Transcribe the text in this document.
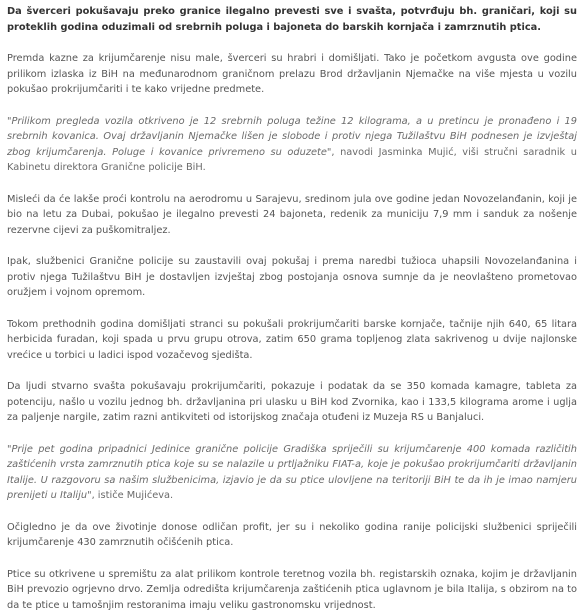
Da šverceri pokušavaju preko granice ilegalno prevesti sve i svašta, potvrđuju bh. graničari, koji su proteklih godina oduzimali od srebrnih poluga i bajoneta do barskih kornjača i zamrznutih ptica.

Premda kazne za krijumčarenje nisu male, šverceri su hrabri i domišljati. Tako je početkom avgusta ove godine prilikom izlaska iz BiH na međunarodnom graničnom prelazu Brod državljanin Njemačke na više mjesta u vozilu pokušao prokrijumčariti i te kako vrijedne predmete.

"Prilikom pregleda vozila otkriveno je 12 srebrnih poluga težine 12 kilograma, a u pretincu je pronađeno i 19 srebrnih kovanica. Ovaj državljanin Njemačke lišen je slobode i protiv njega Tužilaštvu BiH podnesen je izvještaj zbog krijumčarenja. Poluge i kovanice privremeno su oduzete", navodi Jasminka Mujić, viši stručni saradnik u Kabinetu direktora Granične policije BiH.

Misleći da će lakše proći kontrolu na aerodromu u Sarajevu, sredinom jula ove godine jedan Novozelanđanin, koji je bio na letu za Dubai, pokušao je ilegalno prevesti 24 bajoneta, redenik za municiju 7,9 mm i sanduk za nošenje rezervne cijevi za puškomitraljez.

Ipak, službenici Granične policije su zaustavili ovaj pokušaj i prema naredbi tužioca uhapsili Novozelanđanina i protiv njega Tužilaštvu BiH je dostavljen izvještaj zbog postojanja osnova sumnje da je neovlašteno prometovao oružjem i vojnom opremom.

Tokom prethodnih godina domišljati stranci su pokušali prokrijumčariti barske kornjače, tačnije njih 640, 65 litara herbicida furadan, koji spada u prvu grupu otrova, zatim 650 grama topljenog zlata sakrivenog u dvije najlonske vrećice u torbici u ladici ispod vozačevog sjedišta.

Da ljudi stvarno svašta pokušavaju prokrijumčariti, pokazuje i podatak da se 350 komada kamagre, tableta za potenciju, našlo u vozilu jednog bh. državljanina pri ulasku u BiH kod Zvornika, kao i 133,5 kilograma arome i uglja za paljenje nargile, zatim razni antikviteti od istorijskog značaja otuđeni iz Muzeja RS u Banjaluci.

"Prije pet godina pripadnici Jedinice granične policije Gradiška spriječili su krijumčarenje 400 komada različitih zaštićenih vrsta zamrznutih ptica koje su se nalazile u prtljažniku FIAT-a, koje je pokušao prokrijumčariti državljanin Italije. U razgovoru sa našim službenicima, izjavio je da su ptice ulovljene na teritoriji BiH te da ih je imao namjeru prenijeti u Italiju", ističe Mujićeva.

Očigledno je da ove životinje donose odličan profit, jer su i nekoliko godina ranije policijski službenici spriječili krijumčarenje 430 zamrznutih očišćenih ptica.

Ptice su otkrivene u spremištu za alat prilikom kontrole teretnog vozila bh. registarskih oznaka, kojim je državljanin BiH prevozio ogrjevno drvo. Zemlja odredišta krijumčarenja zaštićenih ptica uglavnom je bila Italija, s obzirom na to da te ptice u tamošnjim restoranima imaju veliku gastronomsku vrijednost.
